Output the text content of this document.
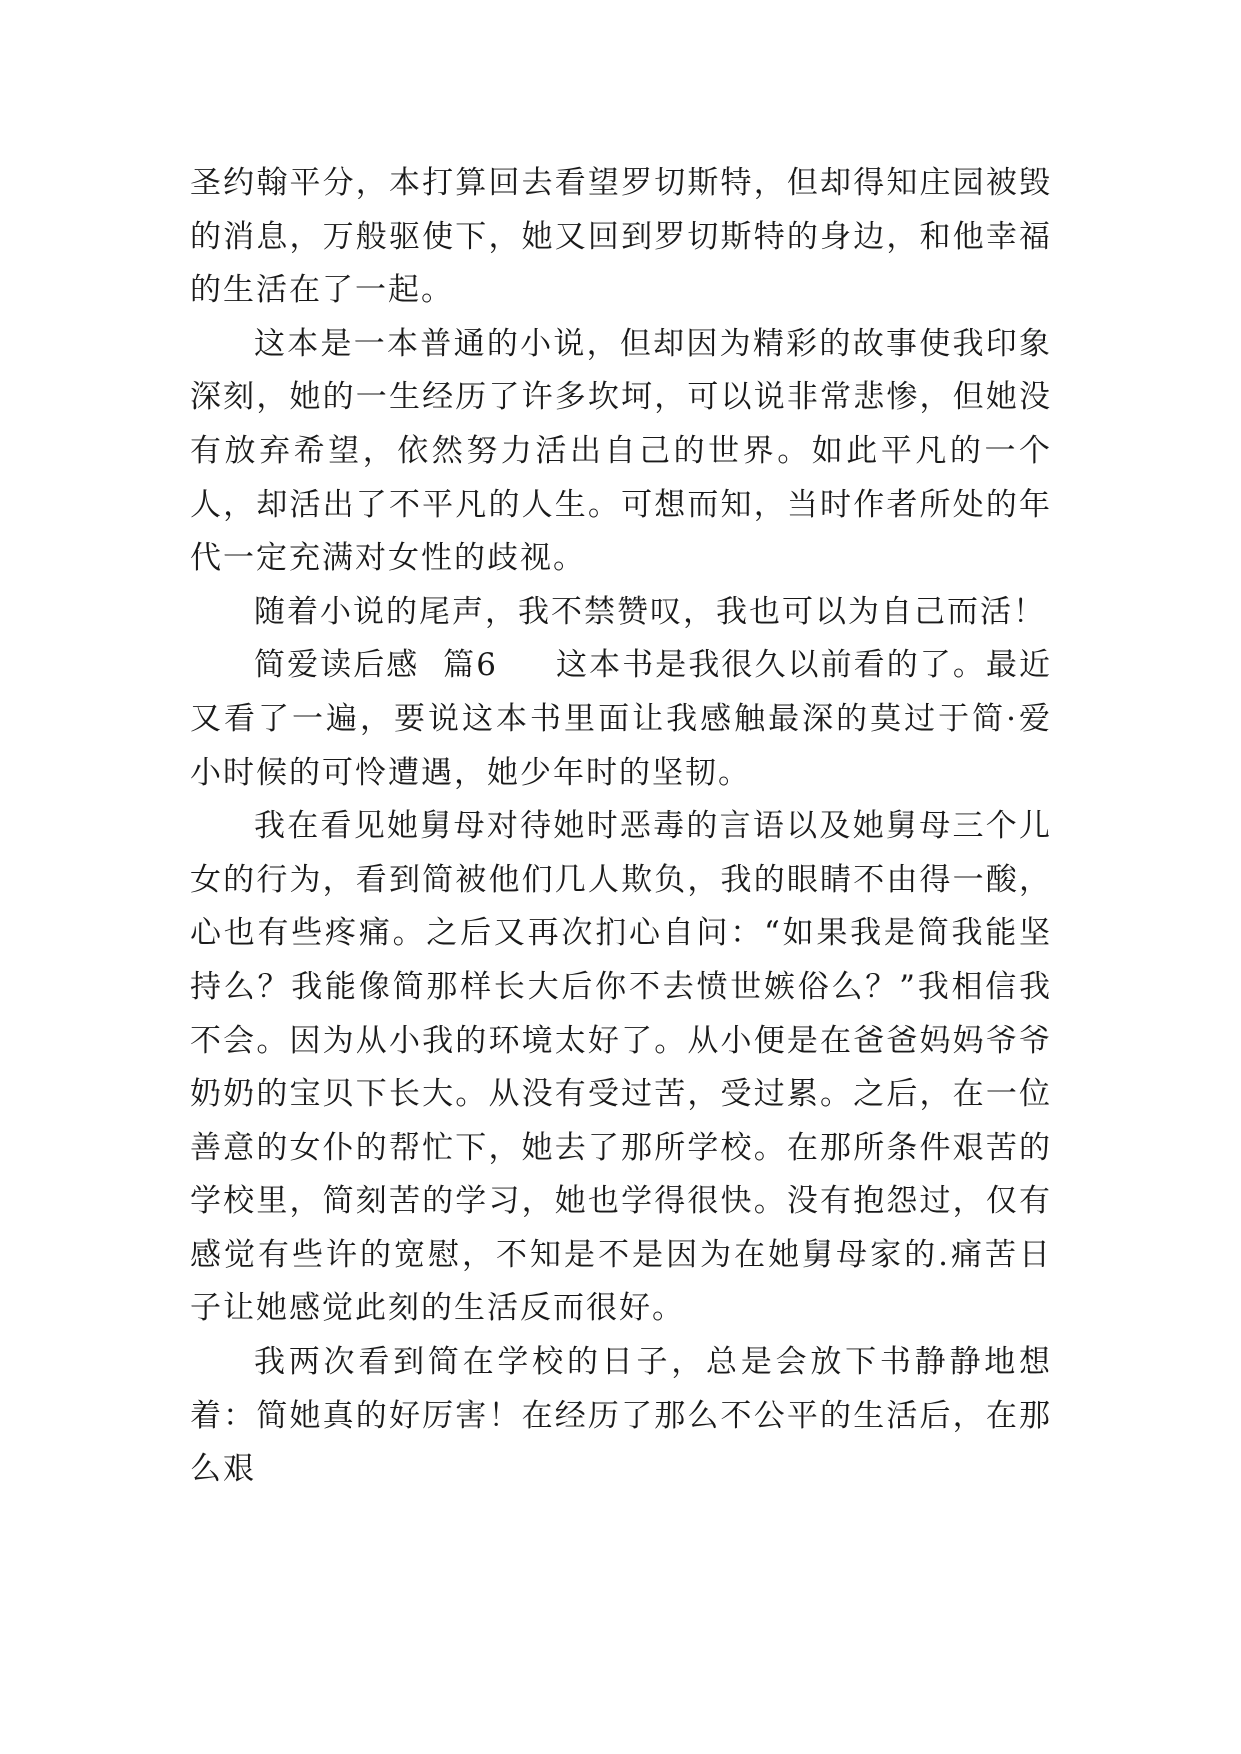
圣约翰平分，本打算回去看望罗切斯特，但却得知庄园被毁的消息，万般驱使下，她又回到罗切斯特的身边，和他幸福的生活在了一起。

这本是一本普通的小说，但却因为精彩的故事使我印象深刻，她的一生经历了许多坎坷，可以说非常悲惨，但她没有放弃希望，依然努力活出自己的世界。如此平凡的一个人，却活出了不平凡的人生。可想而知，当时作者所处的年代一定充满对女性的歧视。

随着小说的尾声，我不禁赞叹，我也可以为自己而活！

简爱读后感  篇6 这本书是我很久以前看的了。最近又看了一遍，要说这本书里面让我感触最深的莫过于简·爱小时候的可怜遭遇，她少年时的坚韧。

我在看见她舅母对待她时恶毒的言语以及她舅母三个儿女的行为，看到简被他们几人欺负，我的眼睛不由得一酸，心也有些疼痛。之后又再次扪心自问：“如果我是简我能坚持么？我能像简那样长大后你不去愤世嫉俗么？”我相信我不会。因为从小我的环境太好了。从小便是在爸爸妈妈爷爷奶奶的宝贝下长大。从没有受过苦，受过累。之后，在一位善意的女仆的帮忙下，她去了那所学校。在那所条件艰苦的学校里，简刻苦的学习，她也学得很快。没有抱怨过，仅有感觉有些许的宽慰，不知是不是因为在她舅母家的.痛苦日子让她感觉此刻的生活反而很好。

我两次看到简在学校的日子，总是会放下书静静地想着：简她真的好厉害！在经历了那么不公平的生活后，在那么艰
